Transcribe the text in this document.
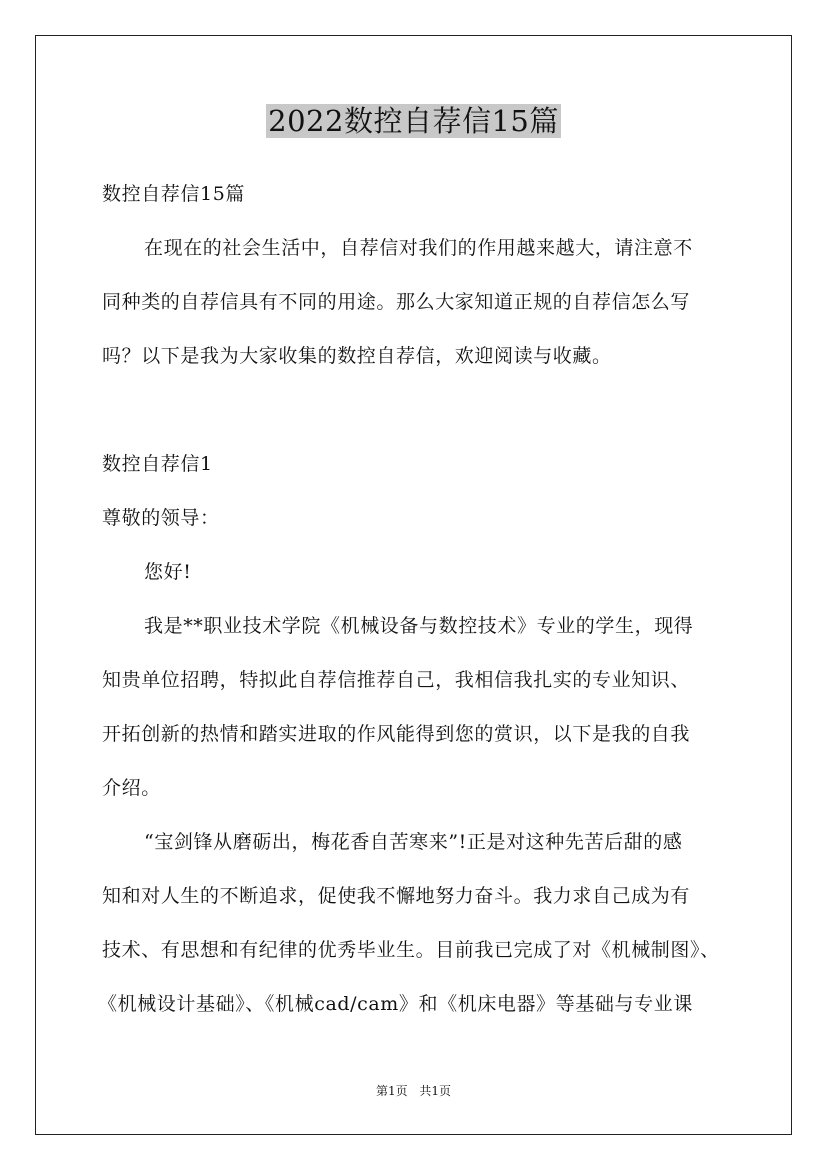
2022数控自荐信15篇
数控自荐信15篇
在现在的社会生活中，自荐信对我们的作用越来越大，请注意不
同种类的自荐信具有不同的用途。那么大家知道正规的自荐信怎么写
吗？以下是我为大家收集的数控自荐信，欢迎阅读与收藏。
数控自荐信1
尊敬的领导：
您好!
我是**职业技术学院《机械设备与数控技术》专业的学生，现得
知贵单位招聘，特拟此自荐信推荐自己，我相信我扎实的专业知识、
开拓创新的热情和踏实进取的作风能得到您的赏识，以下是我的自我
介绍。
“宝剑锋从磨砺出，梅花香自苦寒来”!正是对这种先苦后甜的感
知和对人生的不断追求，促使我不懈地努力奋斗。我力求自己成为有
技术、有思想和有纪律的优秀毕业生。目前我已完成了对《机械制图》、
《机械设计基础》、《机械cad/cam》和《机床电器》等基础与专业课
第1页 共1页
